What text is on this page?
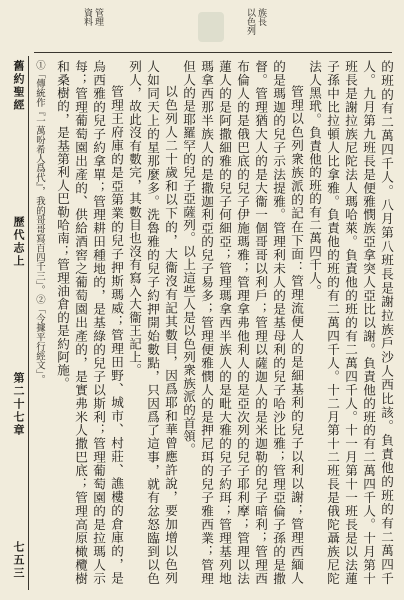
資料 管理	以色列 族長
舊約聖經
歷代志上
第二十七章
七五三
①「傳統作『一萬吩希人爲代』，我的哥哥寫百四千三」。②「今據平行經文」。	的班的有二萬四千人。八月第八班長是謝拉族戶沙人西比該。負責他的班的有二萬四千人。九月第九班長是便雅憫族亞拿突人亞比以謝。負責他的班的有二萬四千人。十月第十班長是謝拉族尼陀法人瑪哈萊。負責他的班的有二萬四千人。十一月第十一班長是以法蓮子孫中比拉頓人比拿雅。負責他的班的有二萬四千人。十二月第十二班長是俄陀聶族尼陀法人黑玳。負責他的班的有二萬四千人。

管理以色列衆族派的記在下面：管理流便人的是細基利的兒子以利以謝；管理西緬人的是瑪迦的兒子示法提雅。管理利未人的是基母利的兒子哈沙比雅；管理亞倫子孫的是撒督。管理猶大人的是大衞一個哥哥以利戶；管理以薩迦人的是米迦勒的兒子暗利；管理西布倫人的是俄巴底的兒子伊施瑪雅；管理拿弗他利人的是亞次列的兒子耶利摩；管理以法蓮人的是阿撒細雅的兒子何細亞；管理瑪拿西半族人的是毗大雅的兒子約珥；管理基列地瑪拿西那半族人的是撒迦利亞的兒子易多；管理便雅憫人的是押尼珥的兒子雅西業；管理但人的是耶羅罕的兒子亞薩列。以上這些人是以色列衆族派的首領。

以色列人二十歲和以下的，大衞沒有記其數目，因爲耶和華曾應許說，要加增以色列人如同天上的星那麼多。洗魯雅的兒子約押開始數點，只因爲了這事，就有忿怒臨到以色列人，故此沒有數完，其數目也沒有寫入大衞王記上。

管理王府庫的是亞第業的兒子押斯瑪威；管理田野、城市、村莊、譙樓的倉庫的，是烏西雅的兒子約拿單；管理耕田種地的，是基綠的兒子以斯利；管理葡萄園的是拉瑪人示每；管理葡萄園出產的、供給酒窖之葡萄園出產的，是實弗米人撒巴底；管理高原橄欖樹和桑樹的，是基第利人巴勒哈南；管理油倉的是約阿施。
